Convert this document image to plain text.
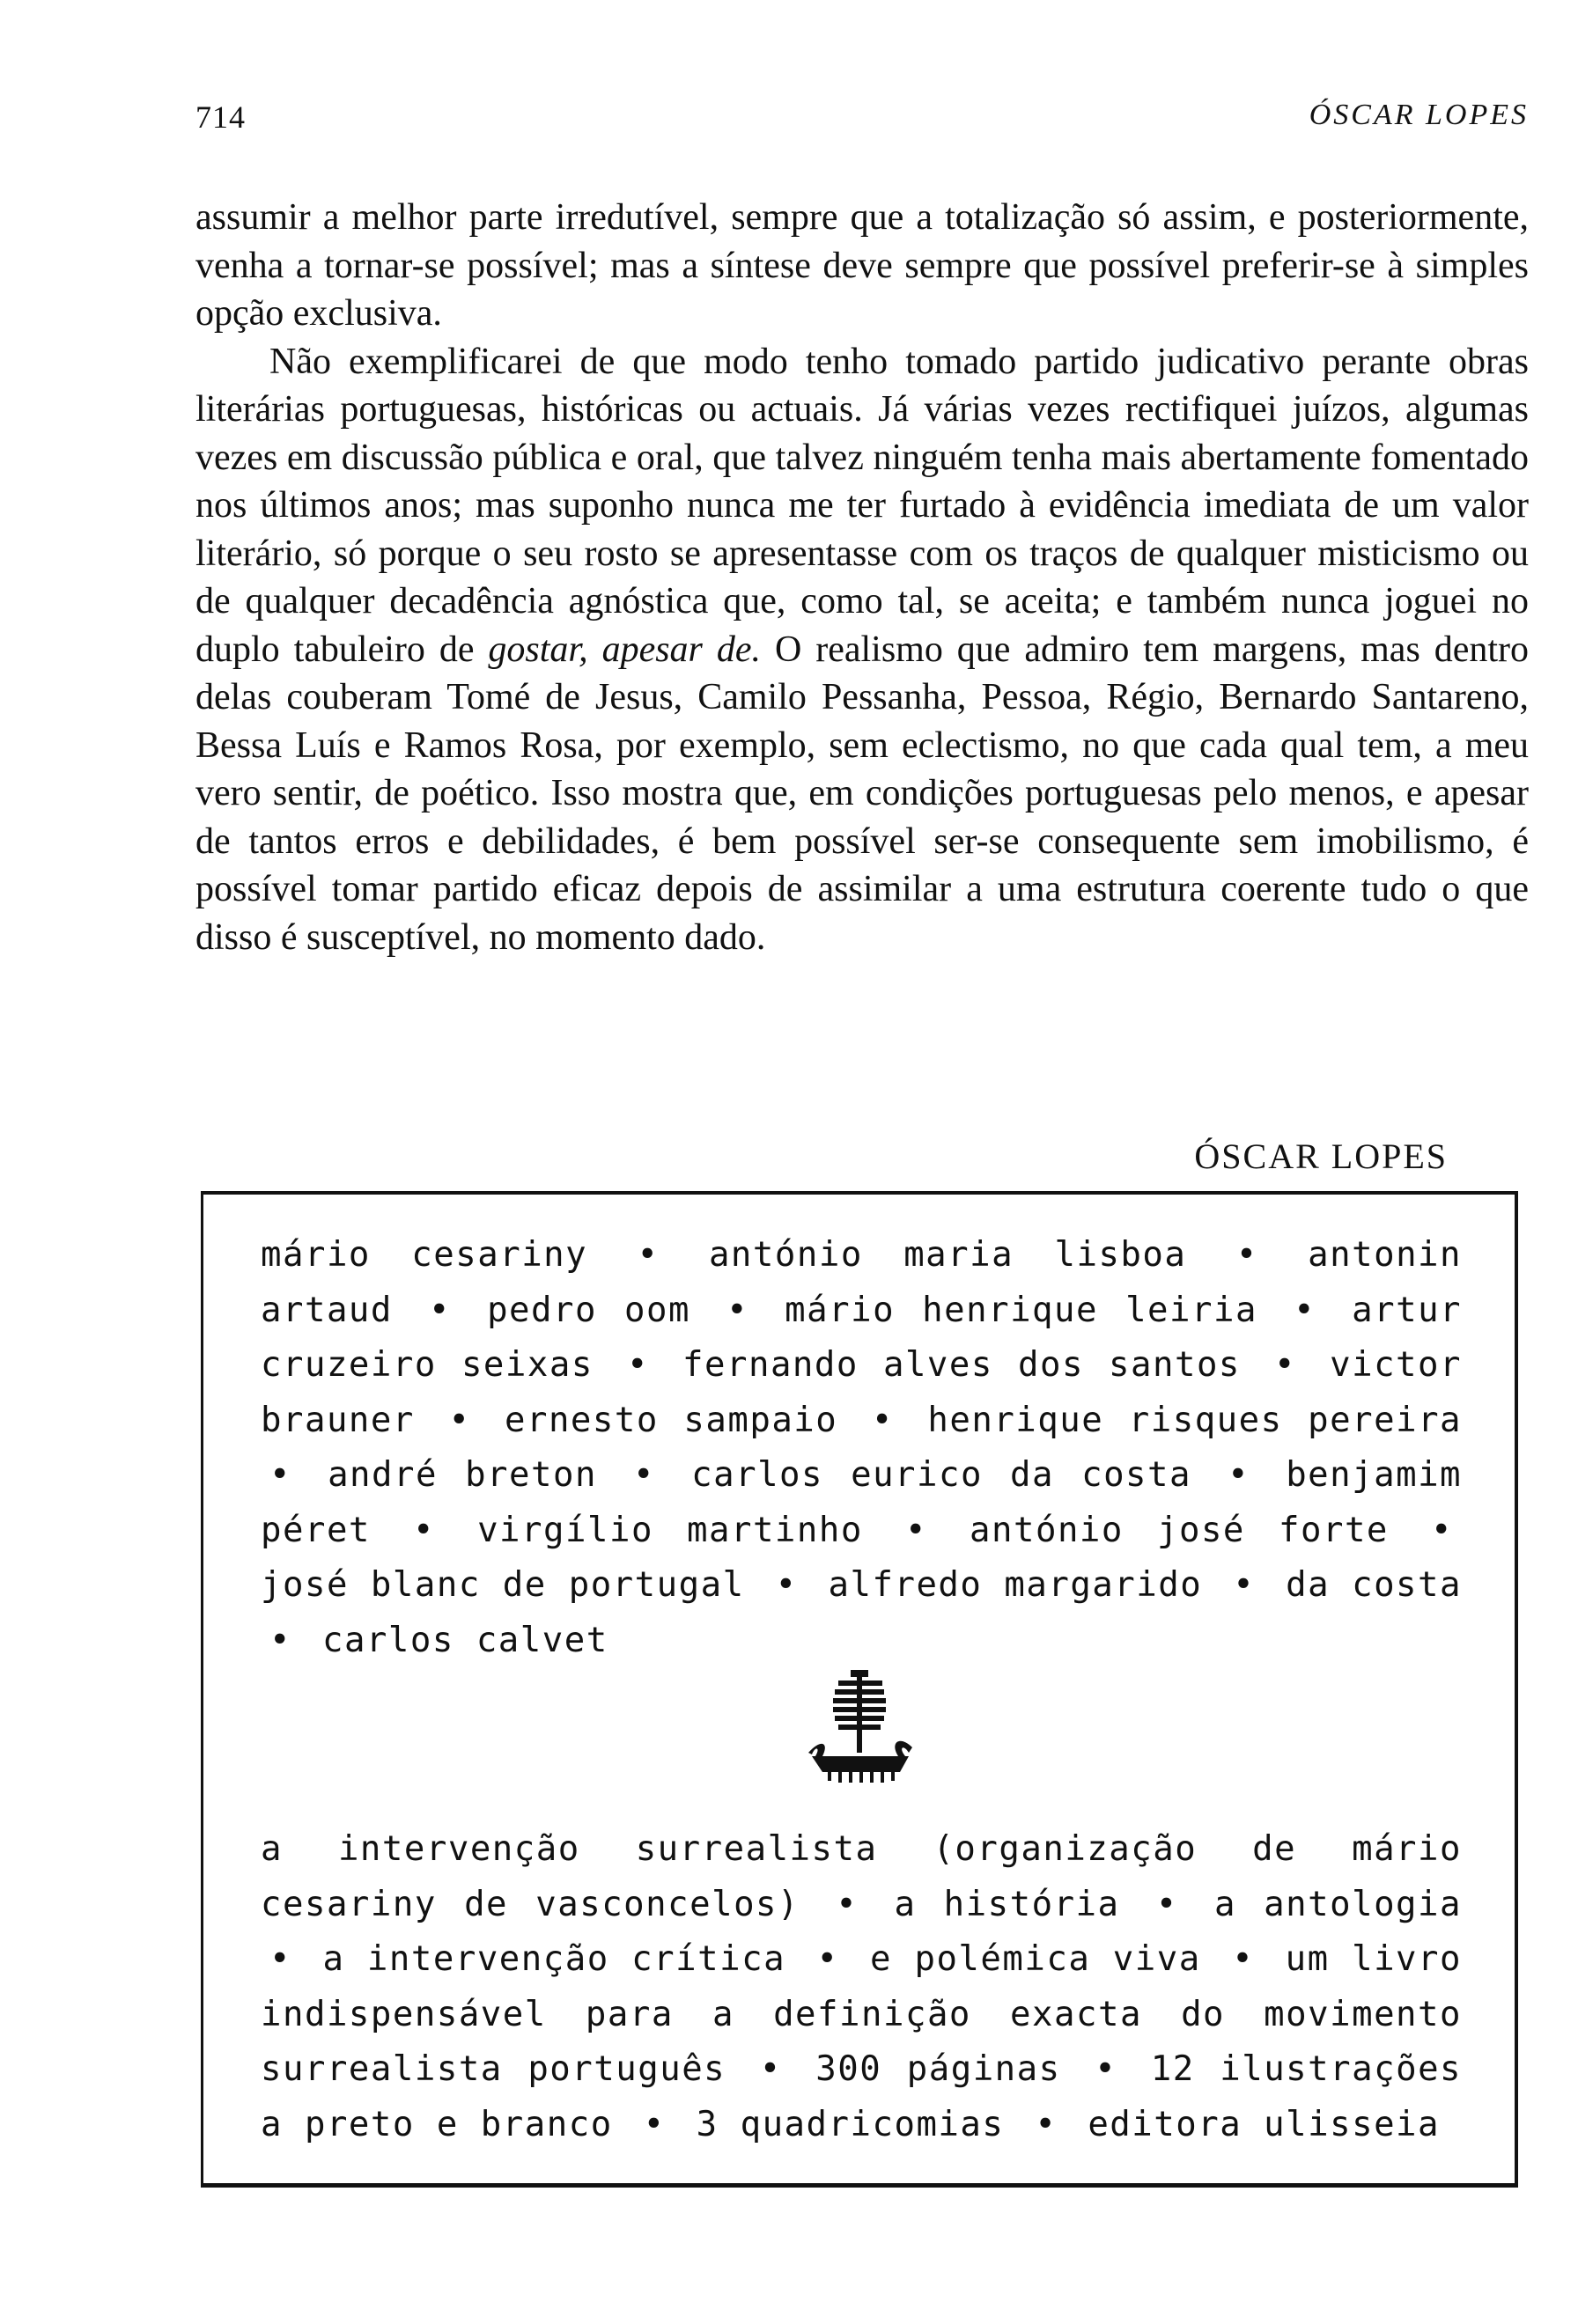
714	ÓSCAR LOPES

assumir a melhor parte irredutível, sempre que a totalização só assim, e posteriormente, venha a tornar-se possível; mas a síntese deve sempre que possível preferir-se à simples opção exclusiva.

Não exemplificarei de que modo tenho tomado partido judicativo perante obras literárias portuguesas, históricas ou actuais. Já várias vezes rectifiquei juízos, algumas vezes em discussão pública e oral, que talvez ninguém tenha mais abertamente fomentado nos últimos anos; mas suponho nunca me ter furtado à evidência imediata de um valor literário, só porque o seu rosto se apresentasse com os traços de qualquer misticismo ou de qualquer decadência agnóstica que, como tal, se aceita; e também nunca joguei no duplo tabuleiro de gostar, apesar de. O realismo que admiro tem margens, mas dentro delas couberam Tomé de Jesus, Camilo Pessanha, Pessoa, Régio, Bernardo Santareno, Bessa Luís e Ramos Rosa, por exemplo, sem eclectismo, no que cada qual tem, a meu vero sentir, de poético. Isso mostra que, em condições portuguesas pelo menos, e apesar de tantos erros e debilidades, é bem possível ser-se consequente sem imobilismo, é possível tomar partido eficaz depois de assimilar a uma estrutura coerente tudo o que disso é susceptível, no momento dado.

ÓSCAR LOPES
mário cesariny • antónio maria lisboa • antonin artaud • pedro oom • mário henrique leiria • artur cruzeiro seixas • fernando alves dos santos • victor brauner • ernesto sampaio • henrique risques pereira • andré breton • carlos eurico da costa • benjamim péret • virgílio martinho • antónio josé forte • josé blanc de portugal • alfredo margarido • da costa • carlos calvet
a intervenção surrealista (organização de mário cesariny de vasconcelos) • a história • a antologia • a intervenção crítica • e polémica viva • um livro indispensável para a definição exacta do movimento surrealista português • 300 páginas • 12 ilustrações a preto e branco • 3 quadricomias • editora ulisseia
